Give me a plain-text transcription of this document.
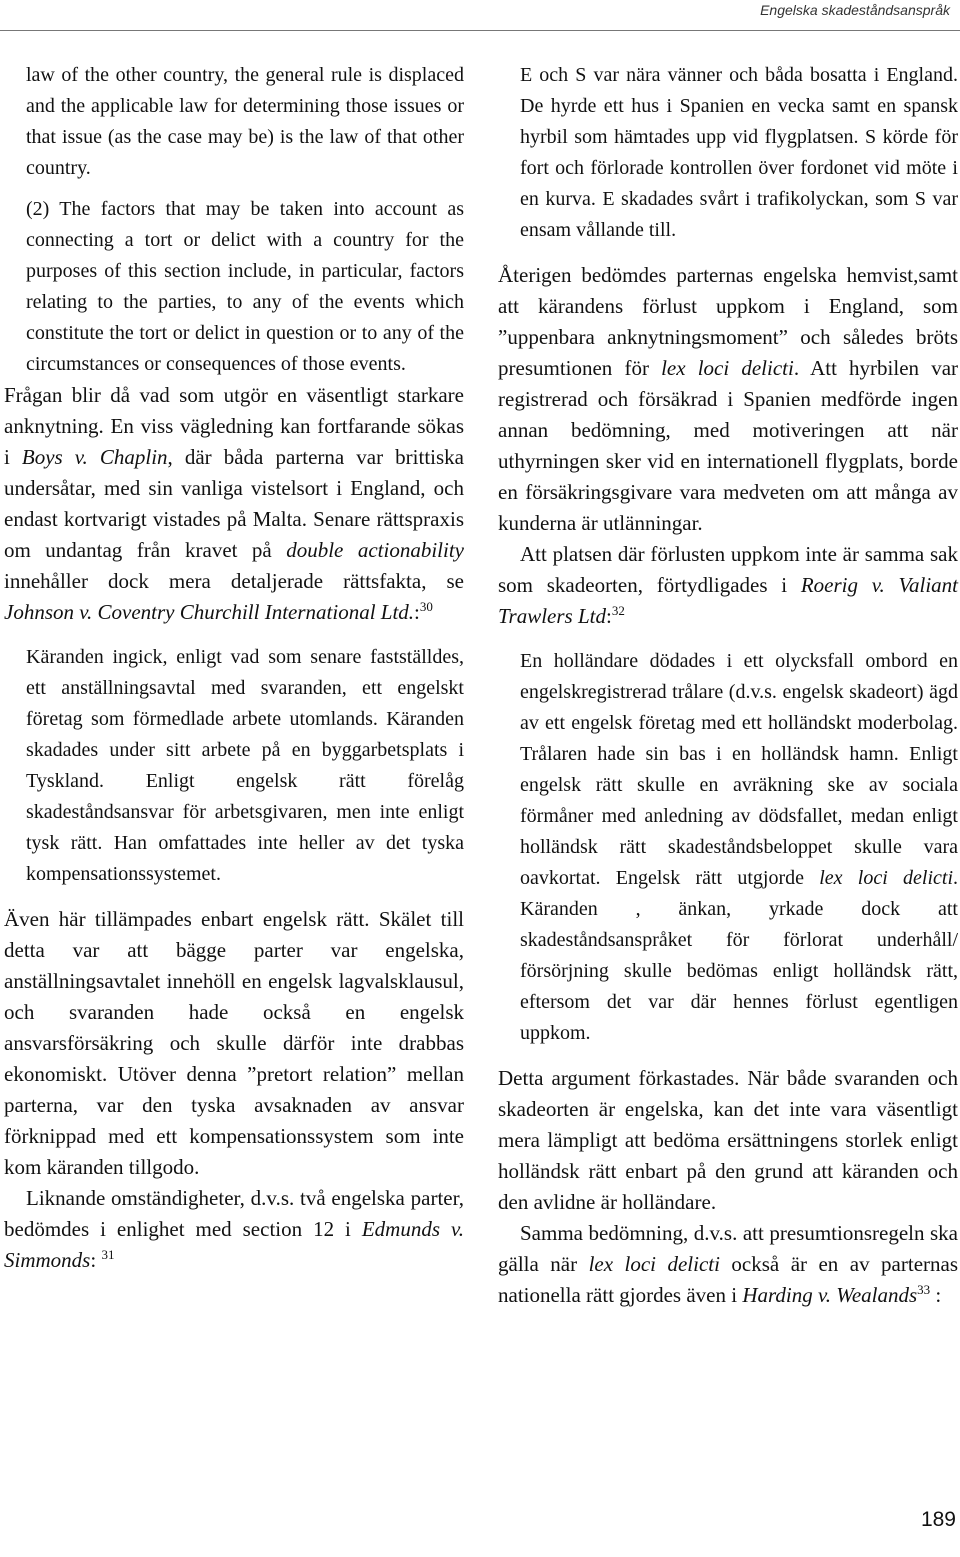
Engelska skadeståndsanspråk

law of the other country, the general rule is displaced and the applicable law for determining those issues or that issue (as the case may be) is the law of that other country.

(2) The factors that may be taken into account as connecting a tort or delict with a country for the purposes of this section include, in particular, factors relating to the parties, to any of the events which constitute the tort or delict in question or to any of the circumstances or consequences of those events.

Frågan blir då vad som utgör en väsentligt starkare anknytning. En viss vägledning kan fortfarande sökas i Boys v. Chaplin, där båda parterna var brittiska undersåtar, med sin vanliga vistelsort i England, och endast kortvarigt vistades på Malta. Senare rättspraxis om undantag från kravet på double actionability innehåller dock mera detaljerade rättsfakta, se Johnson v. Coventry Churchill International Ltd.:$^{30}$

Käranden ingick, enligt vad som senare fastställdes, ett anställningsavtal med svaranden, ett engelskt företag som förmedlade arbete utomlands. Käranden skadades under sitt arbete på en byggarbetsplats i Tyskland. Enligt engelsk rätt förelåg skadeståndsansvar för arbetsgivaren, men inte enligt tysk rätt. Han omfattades inte heller av det tyska kompensationssystemet.

Även här tillämpades enbart engelsk rätt. Skälet till detta var att bägge parter var engelska, anställningsavtalet innehöll en engelsk lagvalsklausul, och svaranden hade också en engelsk ansvarsförsäkring och skulle därför inte drabbas ekonomiskt. Utöver denna ”pretort relation” mellan parterna, var den tyska avsaknaden av ansvar förknippad med ett kompensationssystem som inte kom käranden tillgodo.

Liknande omständigheter, d.v.s. två engelska parter, bedömdes i enlighet med section 12 i Edmunds v. Simmonds: $^{31}$

E och S var nära vänner och båda bosatta i England. De hyrde ett hus i Spanien en vecka samt en spansk hyrbil som hämtades upp vid flygplatsen. S körde för fort och förlorade kontrollen över fordonet vid möte i en kurva. E skadades svårt i trafikolyckan, som S var ensam vållande till.

Återigen bedömdes parternas engelska hemvist,samt att kärandens förlust uppkom i England, som ”uppenbara anknytningsmoment” och således bröts presumtionen för lex loci delicti. Att hyrbilen var registrerad och försäkrad i Spanien medförde ingen annan bedömning, med motiveringen att när uthyrningen sker vid en internationell flygplats, borde en försäkringsgivare vara medveten om att många av kunderna är utlänningar.

Att platsen där förlusten uppkom inte är samma sak som skadeorten, förtydligades i Roerig v. Valiant Trawlers Ltd:$^{32}$

En holländare dödades i ett olycksfall ombord en engelskregistrerad trålare (d.v.s. engelsk skadeort) ägd av ett engelsk företag med ett holländskt moderbolag. Trålaren hade sin bas i en holländsk hamn. Enligt engelsk rätt skulle en avräkning ske av sociala förmåner med anledning av dödsfallet, medan enligt holländsk rätt skadeståndsbeloppet skulle vara oavkortat. Engelsk rätt utgjorde lex loci delicti. Käranden , änkan, yrkade dock att skadeståndsanspråket för förlorat underhåll/ försörjning skulle bedömas enligt holländsk rätt, eftersom det var där hennes förlust egentligen uppkom.

Detta argument förkastades. När både svaranden och skadeorten är engelska, kan det inte vara väsentligt mera lämpligt att bedöma ersättningens storlek enligt holländsk rätt enbart på den grund att käranden och den avlidne är holländare.

Samma bedömning, d.v.s. att presumtionsregeln ska gälla när lex loci delicti också är en av parternas nationella rätt gjordes även i Harding v. Wealands$^{33}$ :

189
